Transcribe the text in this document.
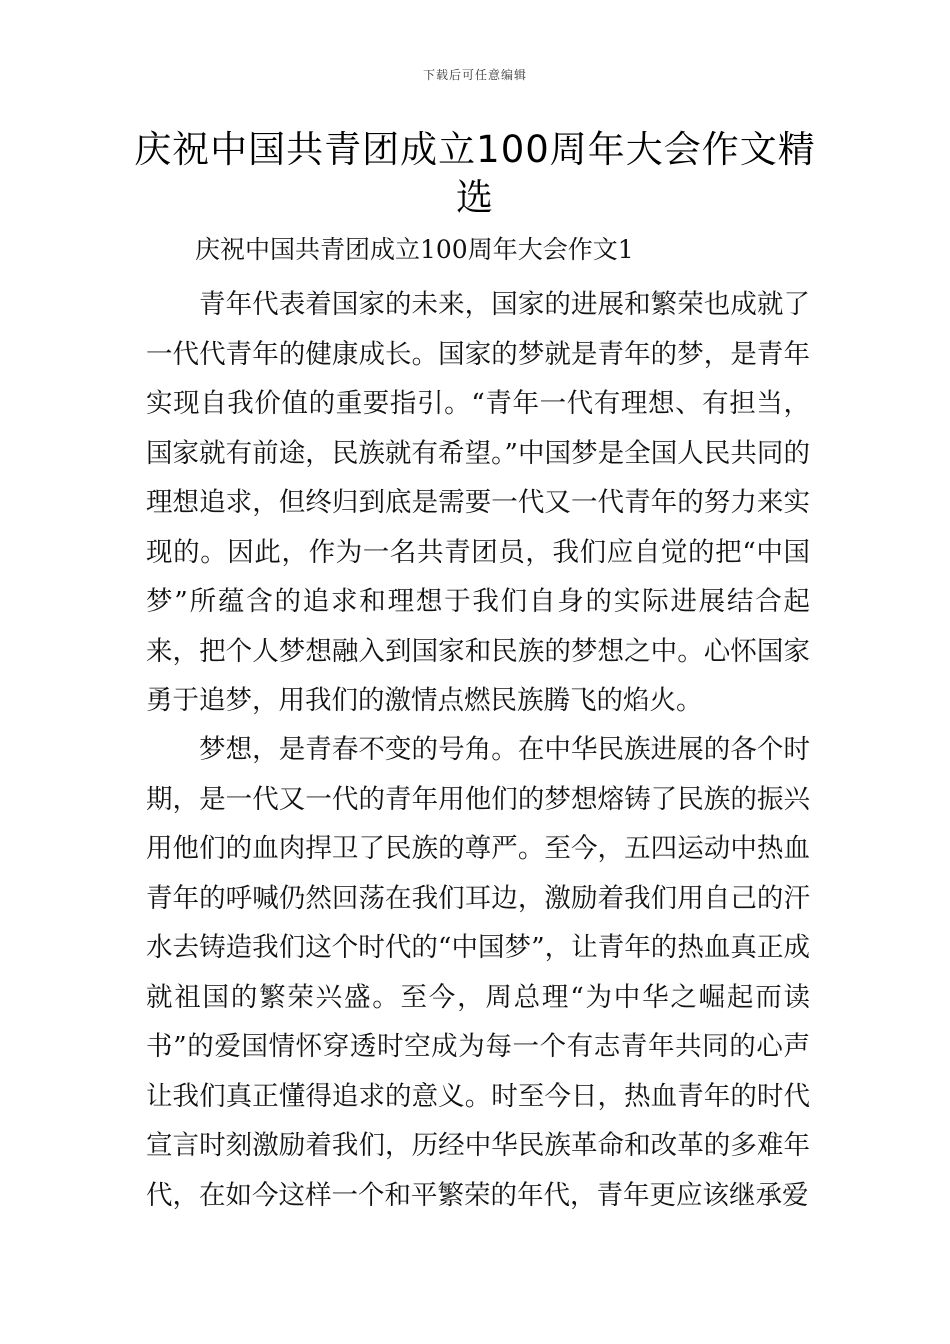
下载后可任意编辑
庆祝中国共青团成立100周年大会作文精选
庆祝中国共青团成立100周年大会作文1

青年代表着国家的未来，国家的进展和繁荣也成就了一代代青年的健康成长。国家的梦就是青年的梦，是青年实现自我价值的重要指引。“青年一代有理想、有担当，国家就有前途，民族就有希望。”中国梦是全国人民共同的理想追求，但终归到底是需要一代又一代青年的努力来实现的。因此，作为一名共青团员，我们应自觉的把“中国梦”所蕴含的追求和理想于我们自身的实际进展结合起来，把个人梦想融入到国家和民族的梦想之中。心怀国家勇于追梦，用我们的激情点燃民族腾飞的焰火。

梦想，是青春不变的号角。在中华民族进展的各个时期，是一代又一代的青年用他们的梦想熔铸了民族的振兴用他们的血肉捍卫了民族的尊严。至今，五四运动中热血青年的呼喊仍然回荡在我们耳边，激励着我们用自己的汗水去铸造我们这个时代的“中国梦”，让青年的热血真正成就祖国的繁荣兴盛。至今，周总理“为中华之崛起而读书”的爱国情怀穿透时空成为每一个有志青年共同的心声让我们真正懂得追求的意义。时至今日，热血青年的时代宣言时刻激励着我们，历经中华民族革命和改革的多难年代，在如今这样一个和平繁荣的年代，青年更应该继承爱
